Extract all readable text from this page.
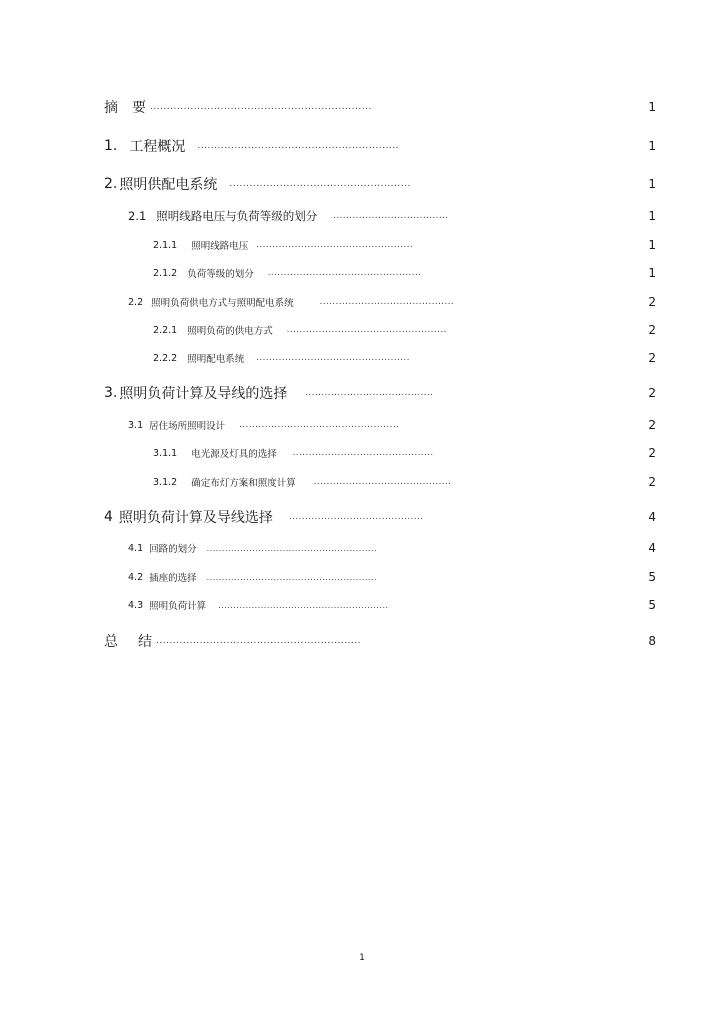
摘 要 ..................................................................	1
1. 工程概况 ............................................................	1
2. 照明供配电系统 ......................................................	1
2.1 照明线路电压与负荷等级的划分 ....................................	1
2.1.1 照明线路电压 .................................................	1
2.1.2 负荷等级的划分 ................................................	1
2.2 照明负荷供电方式与照明配电系统	..........................................	2
2.2.1 照明负荷的供电方式 ..................................................	2
2.2.2 照明配电系统 ................................................	2
3. 照明负荷计算及导线的选择 ........................................	2
3.1 居住场所照明设计 ..................................................	2
3.1.1 电光源及灯具的选择 ............................................	2
3.1.2 确定布灯方案和照度计算 ...........................................	2
4 照明负荷计算及导线选择 ..........................................	4
4.1 回路的划分 ........................................................	4
4.2 插座的选择 ........................................................	5
4.3 照明负荷计算 ........................................................	5
总 结 .............................................................	8
1
